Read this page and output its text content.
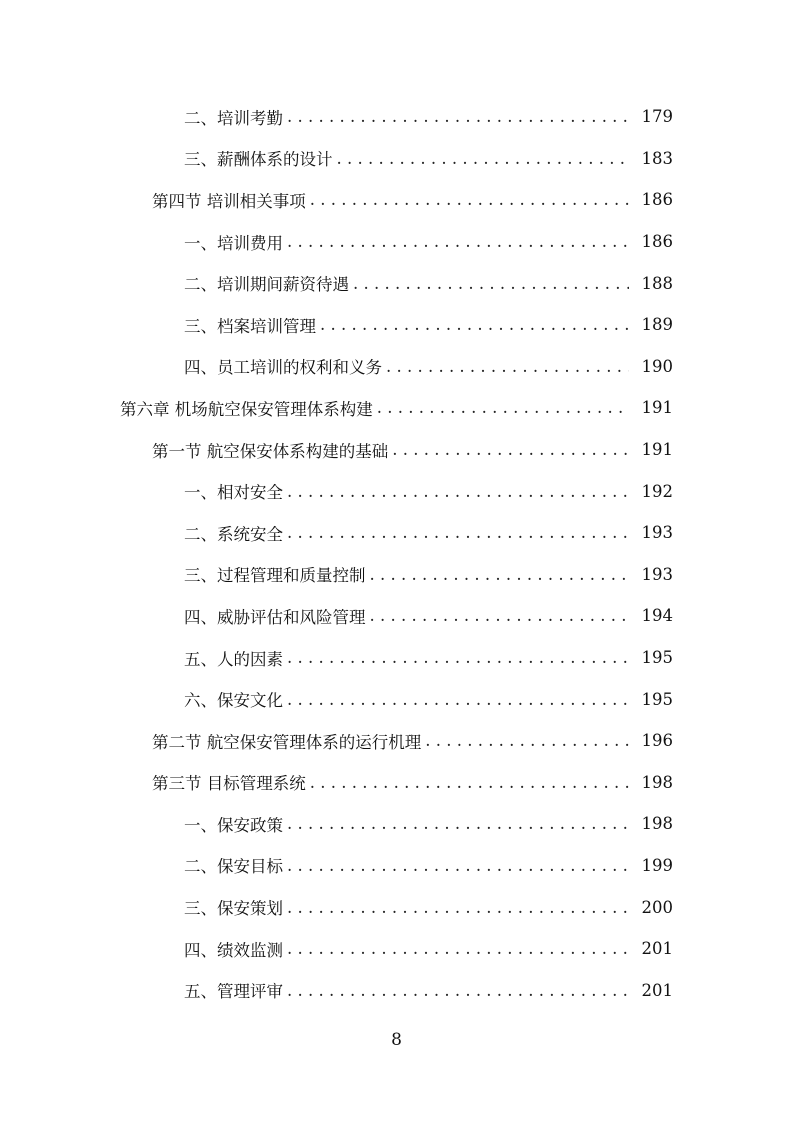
二、培训考勤 . . .	179
三、薪酬体系的设计 . . .	183
第四节 培训相关事项 . . .	186
一、培训费用 . . .	186
二、培训期间薪资待遇 . . .	188
三、档案培训管理 . . .	189
四、员工培训的权利和义务 . . .	190
第六章 机场航空保安管理体系构建 . . .	191
第一节 航空保安体系构建的基础 . . .	191
一、相对安全 . . .	192
二、系统安全 . . .	193
三、过程管理和质量控制 . . .	193
四、威胁评估和风险管理 . . .	194
五、人的因素 . . .	195
六、保安文化 . . .	195
第二节 航空保安管理体系的运行机理 . . .	196
第三节 目标管理系统 . . .	198
一、保安政策 . . .	198
二、保安目标 . . .	199
三、保安策划 . . .	200
四、绩效监测 . . .	201
五、管理评审 . . .	201
8
